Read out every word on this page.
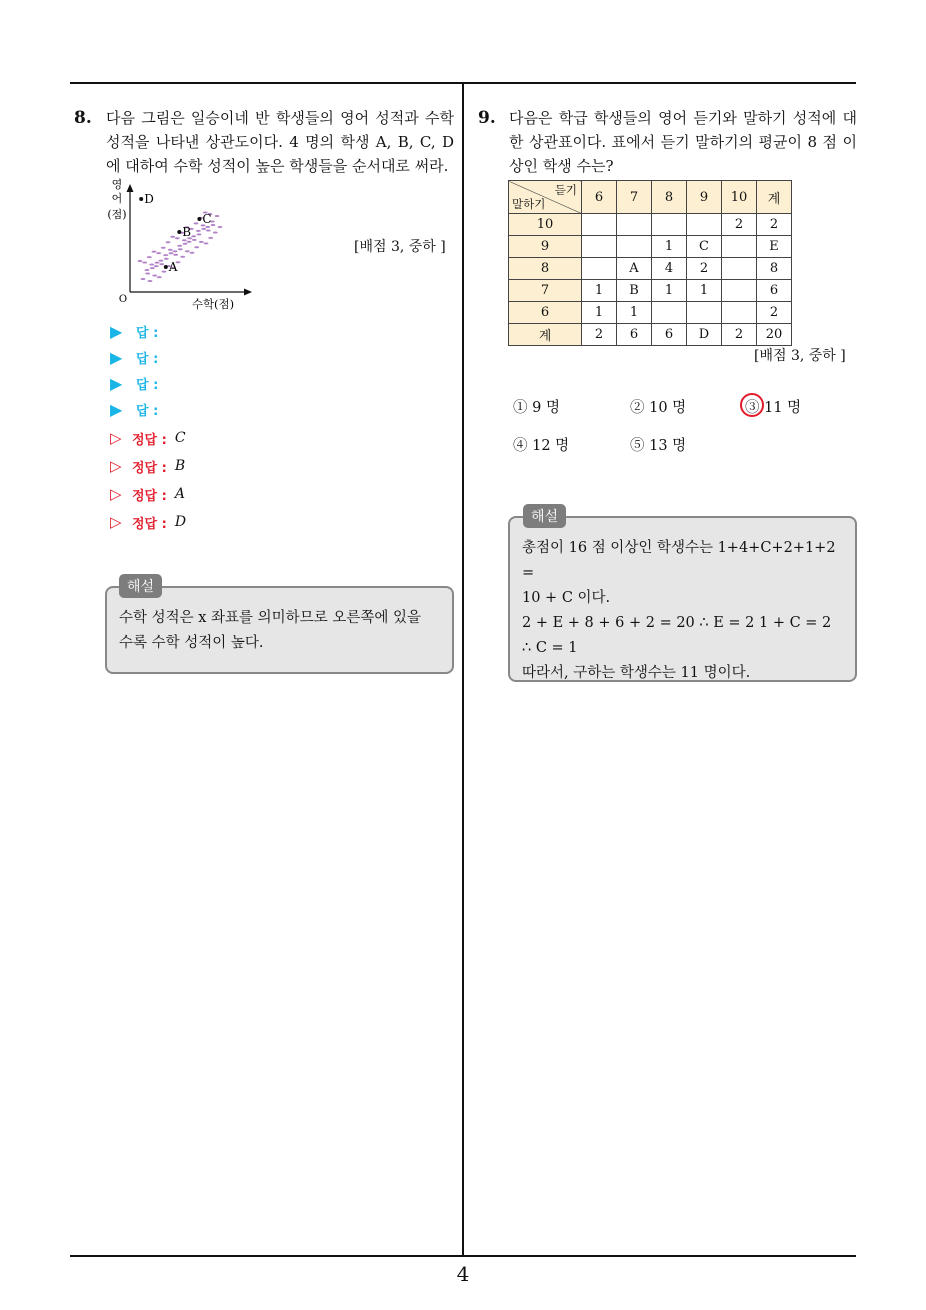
8. 다음 그림은 일승이네 반 학생들의 영어 성적과 수학 성적을 나타낸 상관도이다. 4 명의 학생 A, B, C, D 에 대하여 수학 성적이 높은 학생들을 순서대로 써라.
[배점 3, 중하 ]
영
어
(점)
O	수학(점)
D
C
B
A
▶	답 :
▶	답 :
▶	답 :
▶	답 :
▷ 정답 : C
▷ 정답 : B
▷ 정답 : A
▷ 정답 : D
해설
수학 성적은 x 좌표를 의미하므로 오른쪽에 있을
수록 수학 성적이 높다.
9. 다음은 학급 학생들의 영어 듣기와 말하기 성적에 대한 상관표이다. 표에서 듣기 말하기의 평균이 8 점 이상인 학생 수는?
듣기
말하기	6	7	8	9	10	계
10					2	2
9			1	C		E
8		A	4	2		8
7	1	B	1	1		6
6	1	1				2
계	2	6	6	D	2	20
[배점 3, 중하 ]
① 9 명	② 10 명	③ 11 명
④ 12 명	⑤ 13 명
해설
총점이 16 점 이상인 학생수는 1+4+C+2+1+2 =
10 + C 이다.
2 + E + 8 + 6 + 2 = 20 ∴ E = 2 1 + C = 2
∴ C = 1
따라서, 구하는 학생수는 11 명이다.
4
